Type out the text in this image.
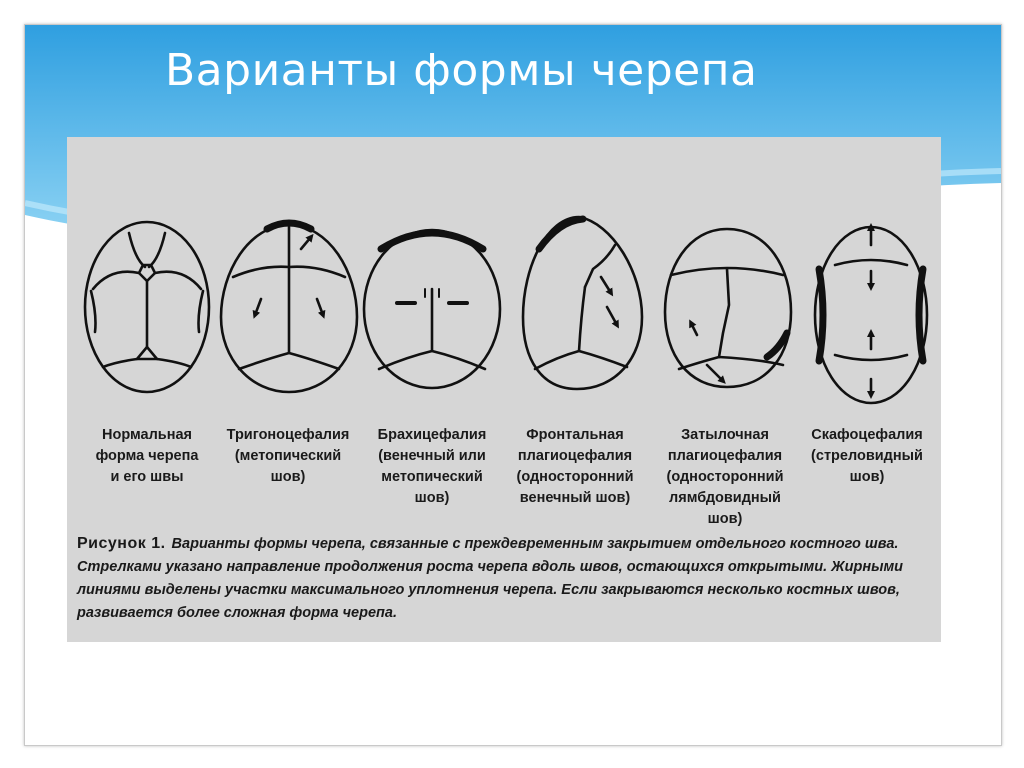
Варианты формы черепа
Нормальная
форма черепа
и его швы
Тригоноцефалия
(метопический
шов)
Брахицефалия
(венечный или
метопический
шов)
Фронтальная
плагиоцефалия
(односторонний
венечный шов)
Затылочная
плагиоцефалия
(односторонний
лямбдовидный
шов)
Скафоцефалия
(стреловидный
шов)

Рисунок 1. Варианты формы черепа, связанные с преждевременным закрытием отдельного костного шва. Стрелками указано направление продолжения роста черепа вдоль швов, остающихся открытыми. Жирными линиями выделены участки максимального уплотнения черепа. Если закрываются несколько костных швов, развивается более сложная форма черепа.
